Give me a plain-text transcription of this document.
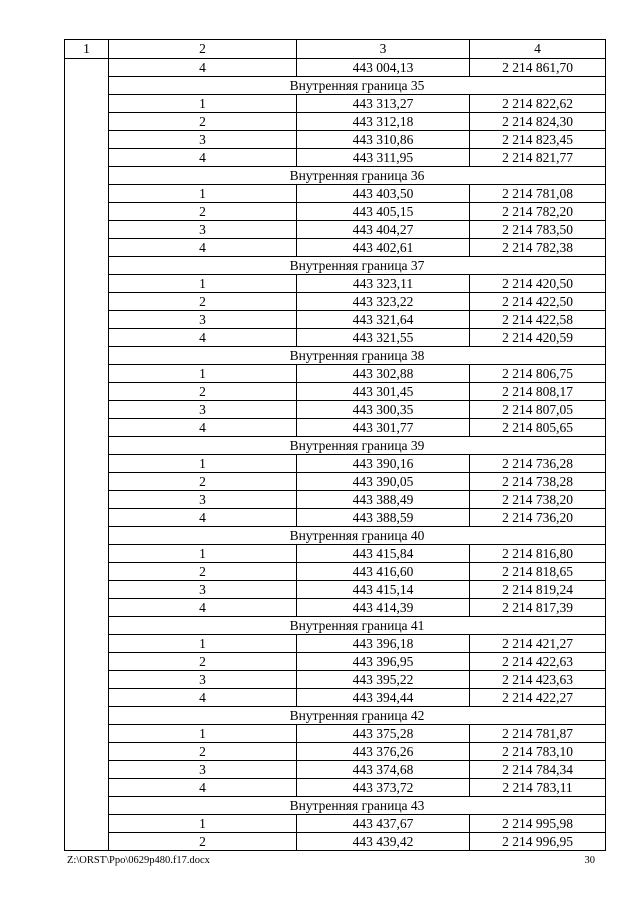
1	2	3	4
	4	443 004,13	2 214 861,70
	Внутренняя граница 35		
	1	443 313,27	2 214 822,62
	2	443 312,18	2 214 824,30
	3	443 310,86	2 214 823,45
	4	443 311,95	2 214 821,77
	Внутренняя граница 36		
	1	443 403,50	2 214 781,08
	2	443 405,15	2 214 782,20
	3	443 404,27	2 214 783,50
	4	443 402,61	2 214 782,38
	Внутренняя граница 37		
	1	443 323,11	2 214 420,50
	2	443 323,22	2 214 422,50
	3	443 321,64	2 214 422,58
	4	443 321,55	2 214 420,59
	Внутренняя граница 38		
	1	443 302,88	2 214 806,75
	2	443 301,45	2 214 808,17
	3	443 300,35	2 214 807,05
	4	443 301,77	2 214 805,65
	Внутренняя граница 39		
	1	443 390,16	2 214 736,28
	2	443 390,05	2 214 738,28
	3	443 388,49	2 214 738,20
	4	443 388,59	2 214 736,20
	Внутренняя граница 40		
	1	443 415,84	2 214 816,80
	2	443 416,60	2 214 818,65
	3	443 415,14	2 214 819,24
	4	443 414,39	2 214 817,39
	Внутренняя граница 41		
	1	443 396,18	2 214 421,27
	2	443 396,95	2 214 422,63
	3	443 395,22	2 214 423,63
	4	443 394,44	2 214 422,27
	Внутренняя граница 42		
	1	443 375,28	2 214 781,87
	2	443 376,26	2 214 783,10
	3	443 374,68	2 214 784,34
	4	443 373,72	2 214 783,11
	Внутренняя граница 43		
	1	443 437,67	2 214 995,98
	2	443 439,42	2 214 996,95
Z:\ORST\Ppo\0629p480.f17.docx	30
